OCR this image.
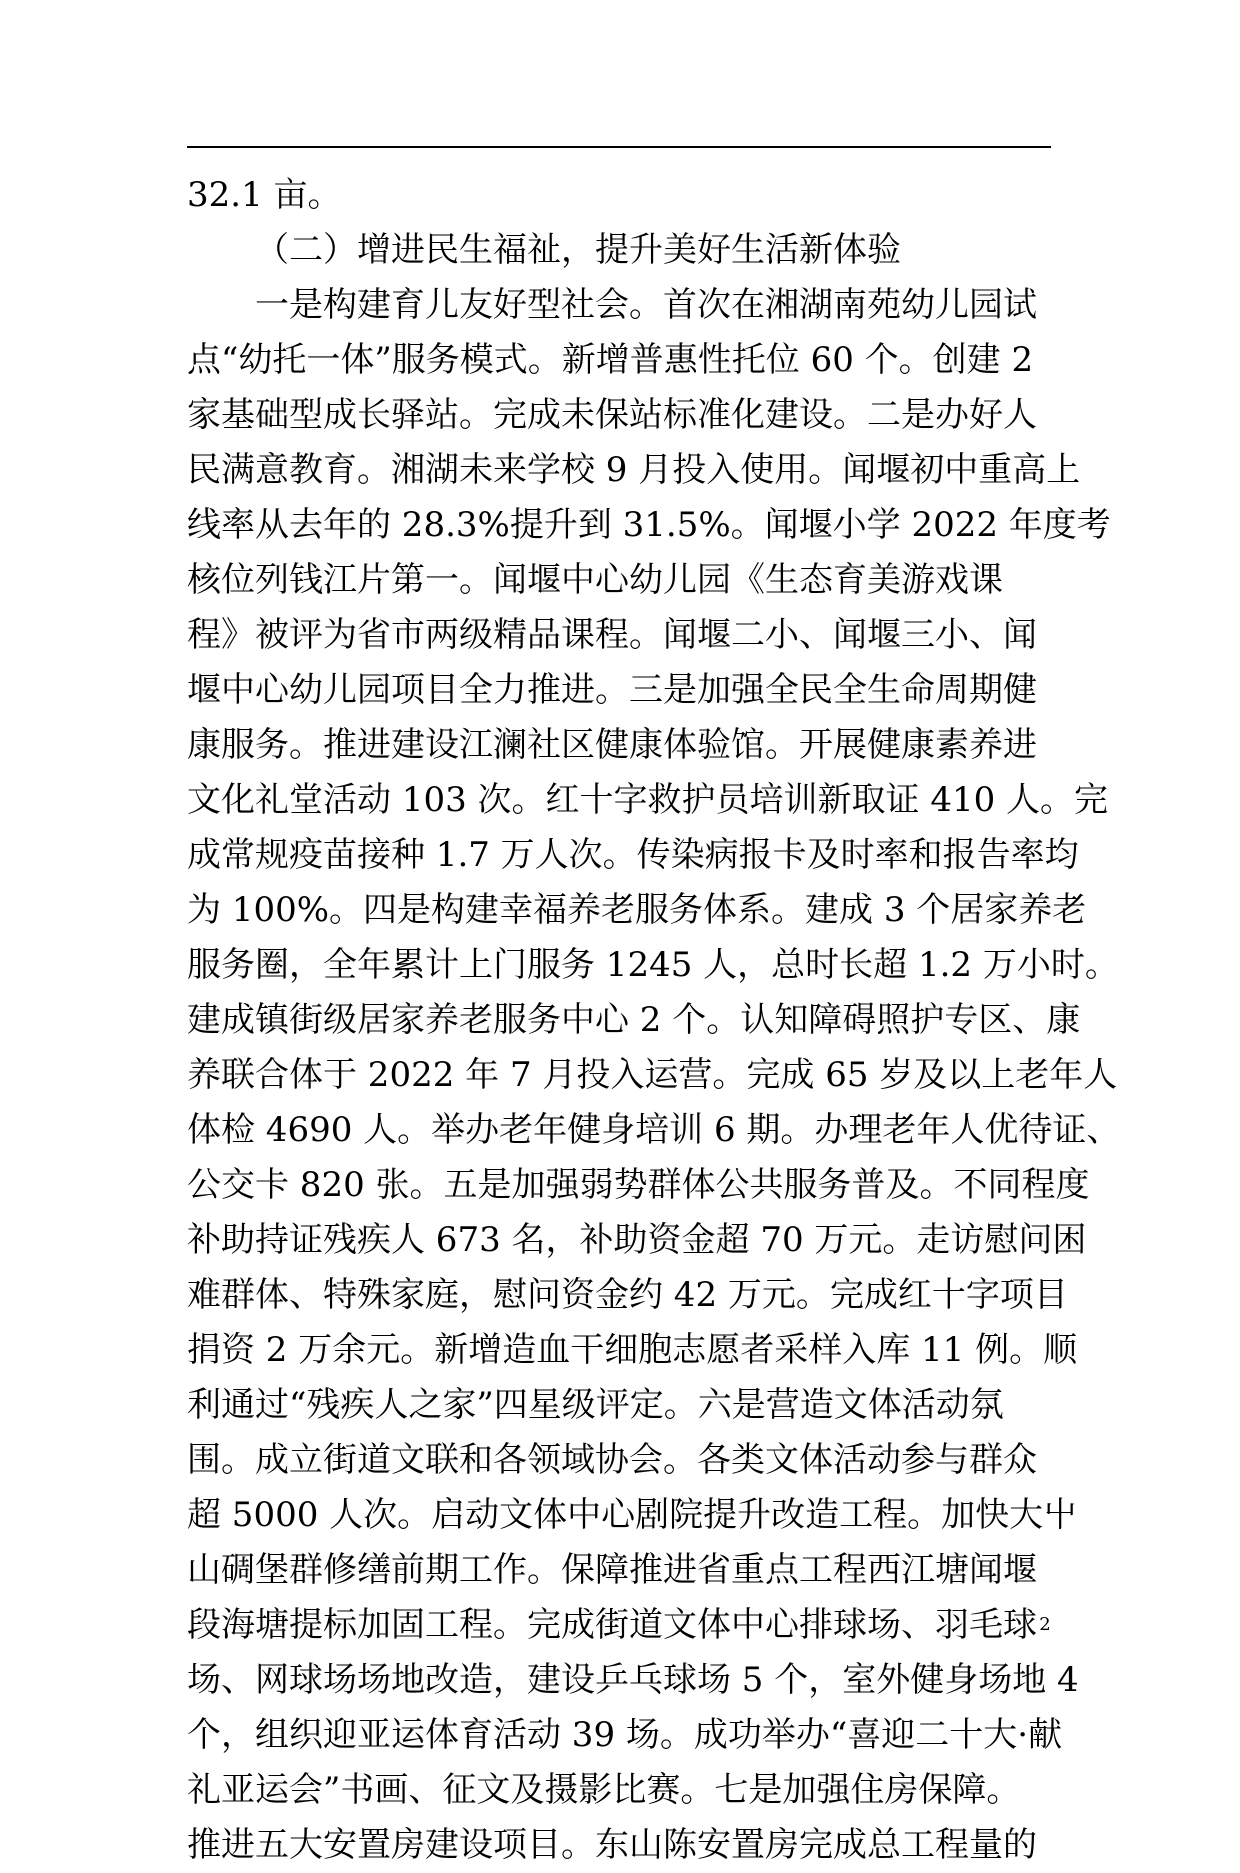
32.1 亩。
（二）增进民生福祉，提升美好生活新体验
一是构建育儿友好型社会。首次在湘湖南苑幼儿园试
点“幼托一体”服务模式。新增普惠性托位 60 个。创建 2
家基础型成长驿站。完成未保站标准化建设。二是办好人
民满意教育。湘湖未来学校 9 月投入使用。闻堰初中重高上
线率从去年的 28.3%提升到 31.5%。闻堰小学 2022 年度考
核位列钱江片第一。闻堰中心幼儿园《生态育美游戏课
程》被评为省市两级精品课程。闻堰二小、闻堰三小、闻
堰中心幼儿园项目全力推进。三是加强全民全生命周期健
康服务。推进建设江澜社区健康体验馆。开展健康素养进
文化礼堂活动 103 次。红十字救护员培训新取证 410 人。完
成常规疫苗接种 1.7 万人次。传染病报卡及时率和报告率均
为 100%。四是构建幸福养老服务体系。建成 3 个居家养老
服务圈，全年累计上门服务 1245 人，总时长超 1.2 万小时。
建成镇街级居家养老服务中心 2 个。认知障碍照护专区、康
养联合体于 2022 年 7 月投入运营。完成 65 岁及以上老年人
体检 4690 人。举办老年健身培训 6 期。办理老年人优待证、
公交卡 820 张。五是加强弱势群体公共服务普及。不同程度
补助持证残疾人 673 名，补助资金超 70 万元。走访慰问困
难群体、特殊家庭，慰问资金约 42 万元。完成红十字项目
捐资 2 万余元。新增造血干细胞志愿者采样入库 11 例。顺
利通过“残疾人之家”四星级评定。六是营造文体活动氛
围。成立街道文联和各领域协会。各类文体活动参与群众
超 5000 人次。启动文体中心剧院提升改造工程。加快大屮
山碉堡群修缮前期工作。保障推进省重点工程西江塘闻堰
段海塘提标加固工程。完成街道文体中心排球场、羽毛球
场、网球场场地改造，建设乒乓球场 5 个，室外健身场地 4
个，组织迎亚运体育活动 39 场。成功举办“喜迎二十大·献
礼亚运会”书画、征文及摄影比赛。七是加强住房保障。
推进五大安置房建设项目。东山陈安置房完成总工程量的
2
